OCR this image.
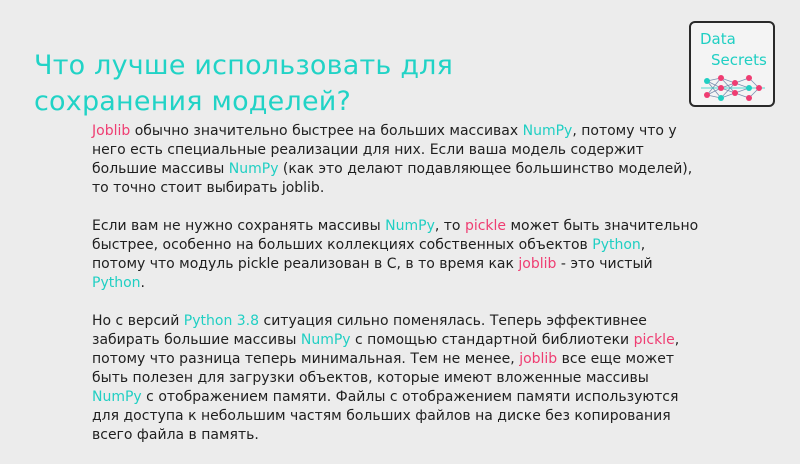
Что лучше использовать для
сохранения моделей?
Data
Secrets
Joblib обычно значительно быстрее на больших массивах NumPy, потому что у
него есть специальные реализации для них. Если ваша модель содержит
большие массивы NumPy (как это делают подавляющее большинство моделей),
то точно стоит выбирать joblib.
Если вам не нужно сохранять массивы NumPy, то pickle может быть значительно
быстрее, особенно на больших коллекциях собственных объектов Python,
потому что модуль pickle реализован в C, в то время как joblib - это чистый
Python.
Но с версий Python 3.8 ситуация сильно поменялась. Теперь эффективнее
забирать большие массивы NumPy с помощью стандартной библиотеки pickle,
потому что разница теперь минимальная. Тем не менее, joblib все еще может
быть полезен для загрузки объектов, которые имеют вложенные массивы
NumPy с отображением памяти. Файлы с отображением памяти используются
для доступа к небольшим частям больших файлов на диске без копирования
всего файла в память.
